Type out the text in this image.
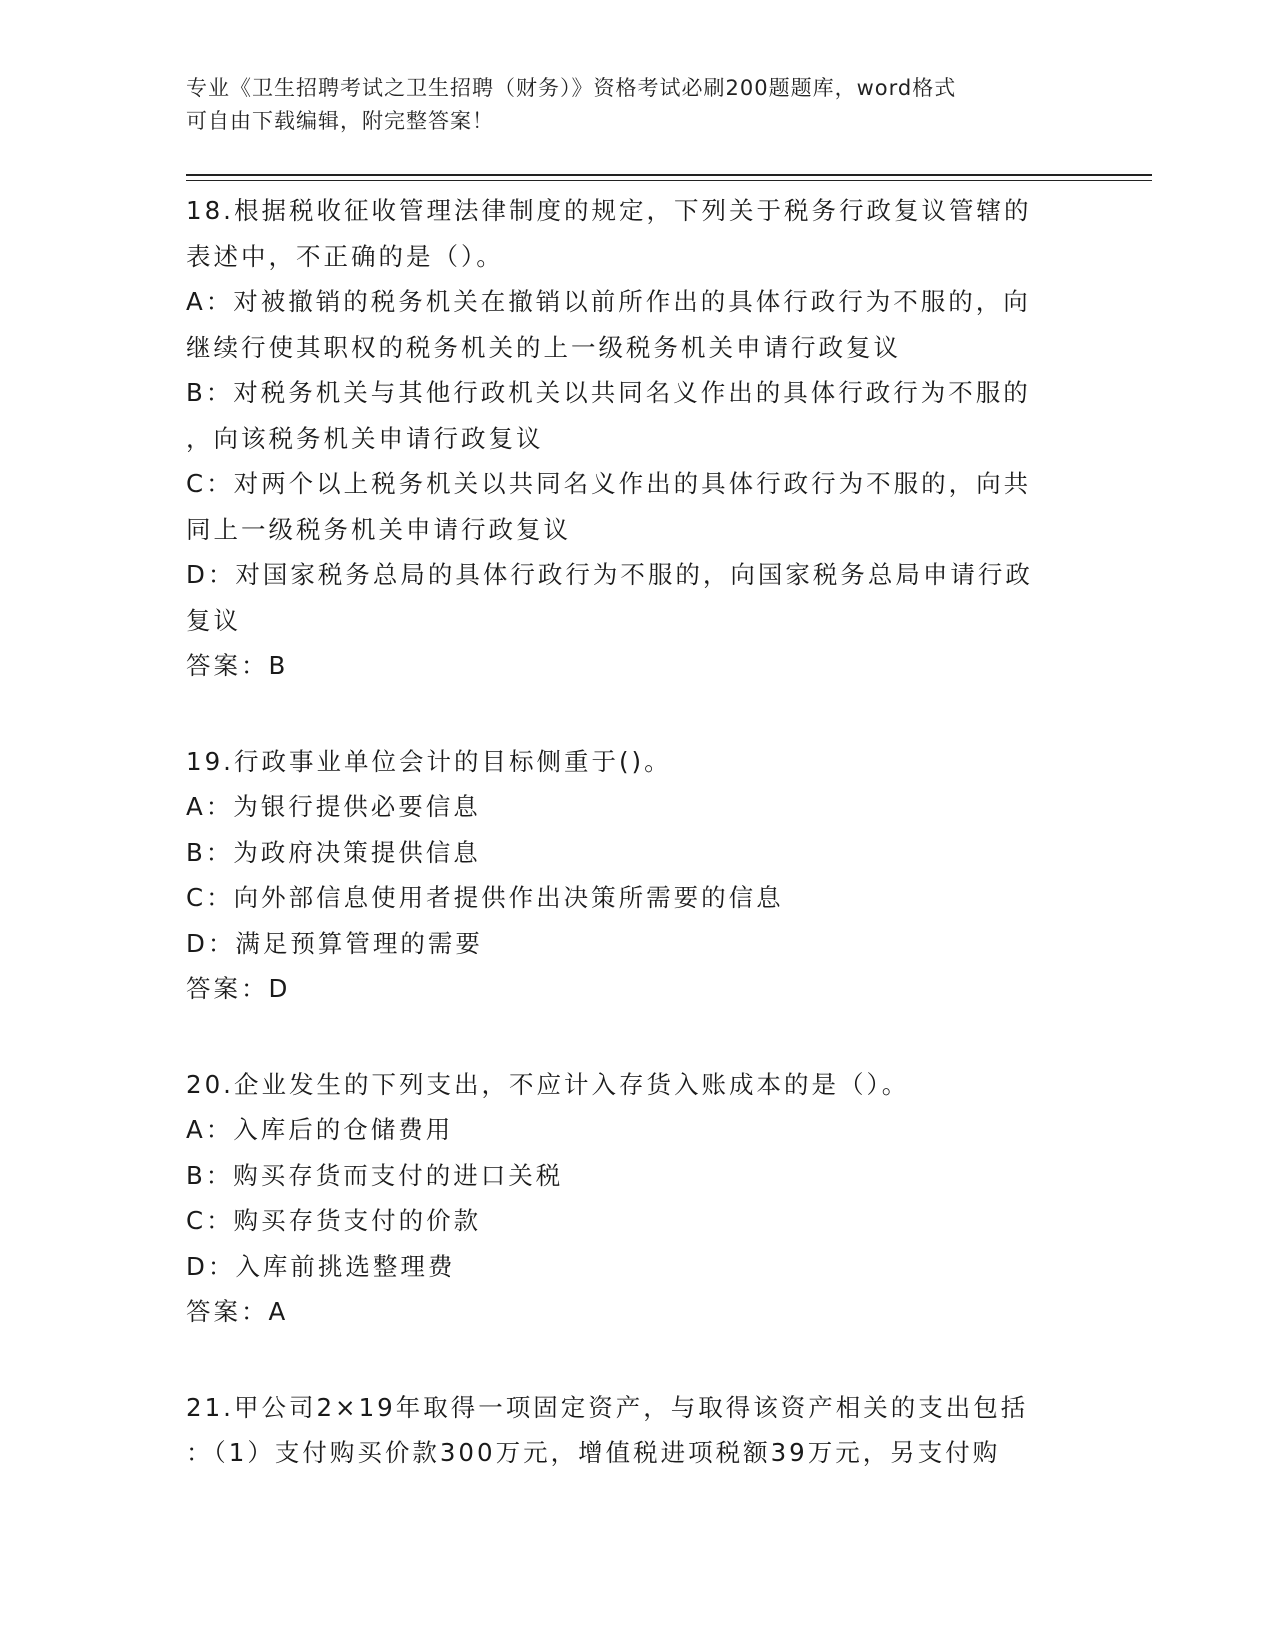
专业《卫生招聘考试之卫生招聘（财务）》资格考试必刷200题题库，word格式
可自由下载编辑，附完整答案！
18.根据税收征收管理法律制度的规定，下列关于税务行政复议管辖的
表述中，不正确的是（）。
A：对被撤销的税务机关在撤销以前所作出的具体行政行为不服的，向
继续行使其职权的税务机关的上一级税务机关申请行政复议
B：对税务机关与其他行政机关以共同名义作出的具体行政行为不服的
，向该税务机关申请行政复议
C：对两个以上税务机关以共同名义作出的具体行政行为不服的，向共
同上一级税务机关申请行政复议
D：对国家税务总局的具体行政行为不服的，向国家税务总局申请行政
复议
答案：B
19.行政事业单位会计的目标侧重于()。
A：为银行提供必要信息
B：为政府决策提供信息
C：向外部信息使用者提供作出决策所需要的信息
D：满足预算管理的需要
答案：D
20.企业发生的下列支出，不应计入存货入账成本的是（）。
A：入库后的仓储费用
B：购买存货而支付的进口关税
C：购买存货支付的价款
D：入库前挑选整理费
答案：A
21.甲公司2×19年取得一项固定资产，与取得该资产相关的支出包括
：（1）支付购买价款300万元，增值税进项税额39万元，另支付购
